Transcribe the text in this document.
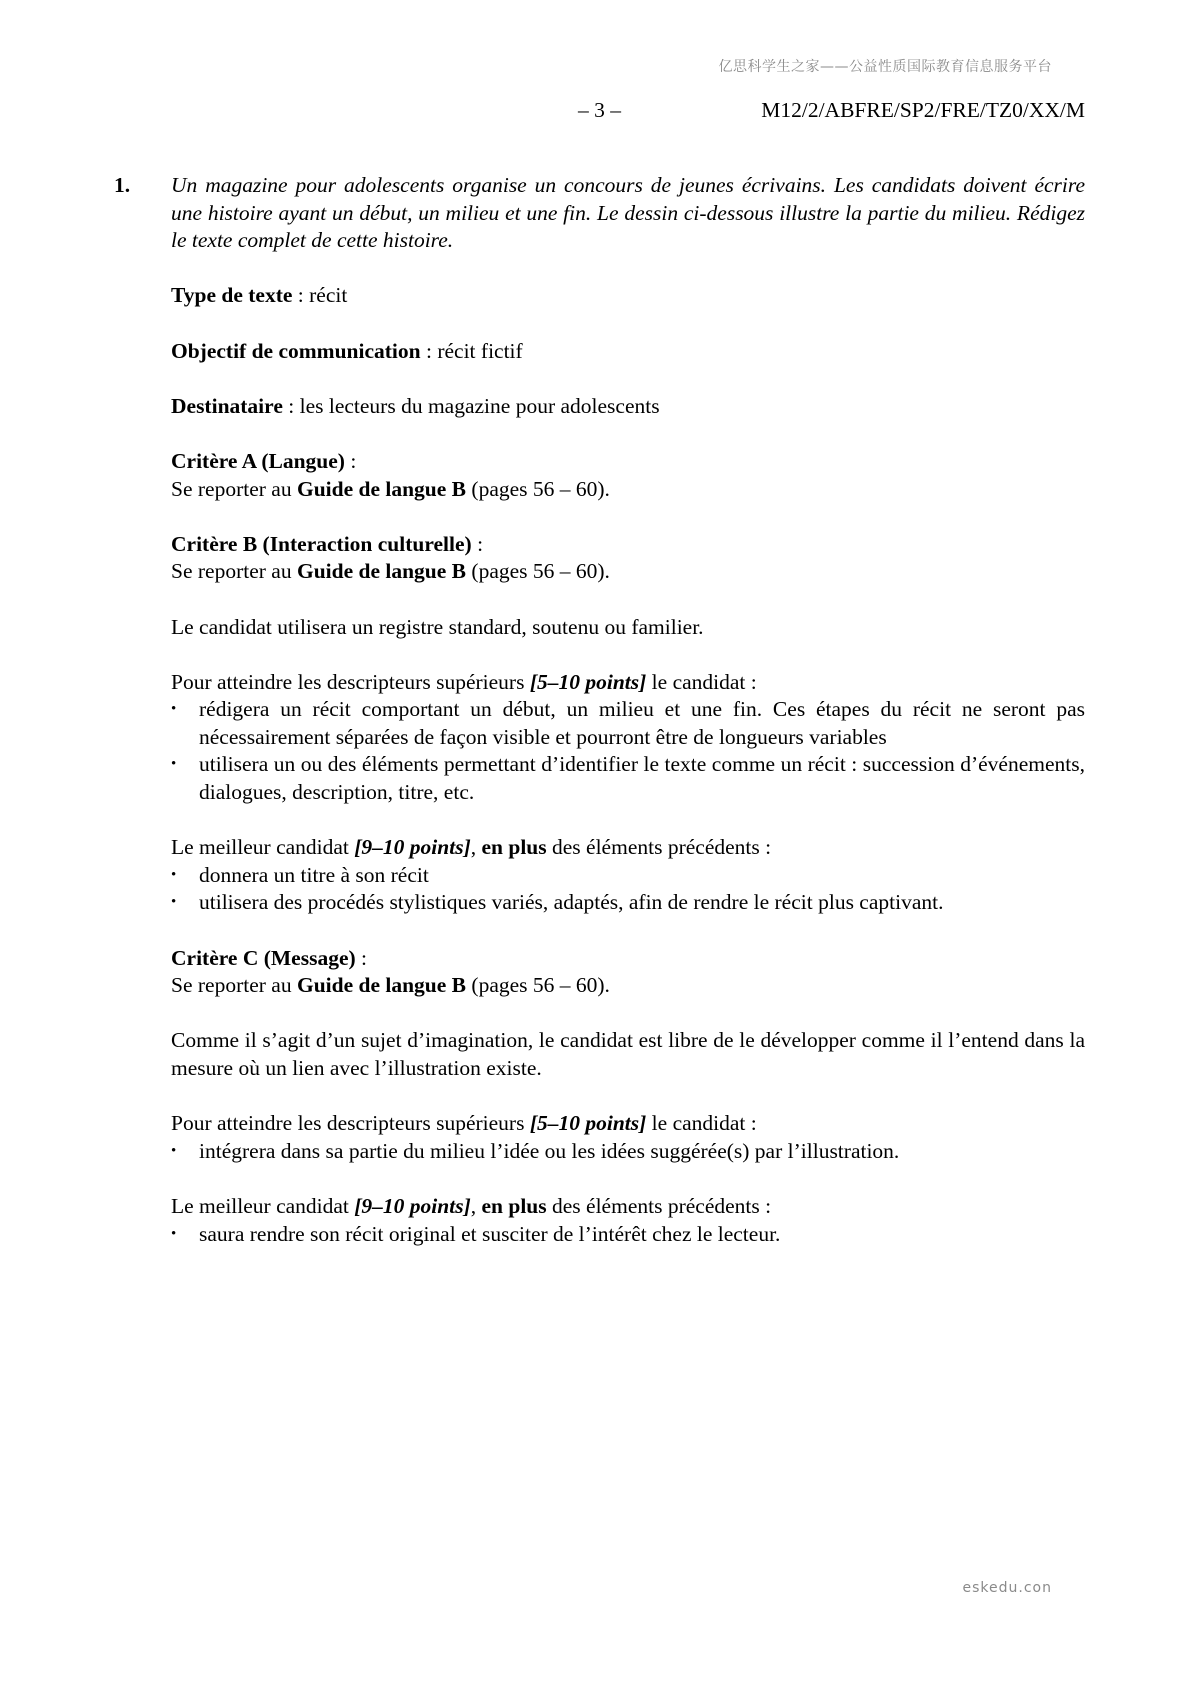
亿思科学生之家——公益性质国际教育信息服务平台
– 3 –	M12/2/ABFRE/SP2/FRE/TZ0/XX/M
1.	Un magazine pour adolescents organise un concours de jeunes écrivains. Les candidats doivent écrire une histoire ayant un début, un milieu et une fin. Le dessin ci-dessous illustre la partie du milieu. Rédigez le texte complet de cette histoire.

Type de texte : récit

Objectif de communication : récit fictif

Destinataire : les lecteurs du magazine pour adolescents

Critère A (Langue) :

Se reporter au Guide de langue B (pages 56 – 60).

Critère B (Interaction culturelle) :

Se reporter au Guide de langue B (pages 56 – 60).

Le candidat utilisera un registre standard, soutenu ou familier.

Pour atteindre les descripteurs supérieurs [5–10 points] le candidat :

• rédigera un récit comportant un début, un milieu et une fin. Ces étapes du récit ne seront pas nécessairement séparées de façon visible et pourront être de longueurs variables
• utilisera un ou des éléments permettant d’identifier le texte comme un récit : succession d’événements, dialogues, description, titre, etc.

Le meilleur candidat [9–10 points], en plus des éléments précédents :

• donnera un titre à son récit
• utilisera des procédés stylistiques variés, adaptés, afin de rendre le récit plus captivant.

Critère C (Message) :

Se reporter au Guide de langue B (pages 56 – 60).

Comme il s’agit d’un sujet d’imagination, le candidat est libre de le développer comme il l’entend dans la mesure où un lien avec l’illustration existe.

Pour atteindre les descripteurs supérieurs [5–10 points] le candidat :

• intégrera dans sa partie du milieu l’idée ou les idées suggérée(s) par l’illustration.

Le meilleur candidat [9–10 points], en plus des éléments précédents :

• saura rendre son récit original et susciter de l’intérêt chez le lecteur.
eskedu.con
